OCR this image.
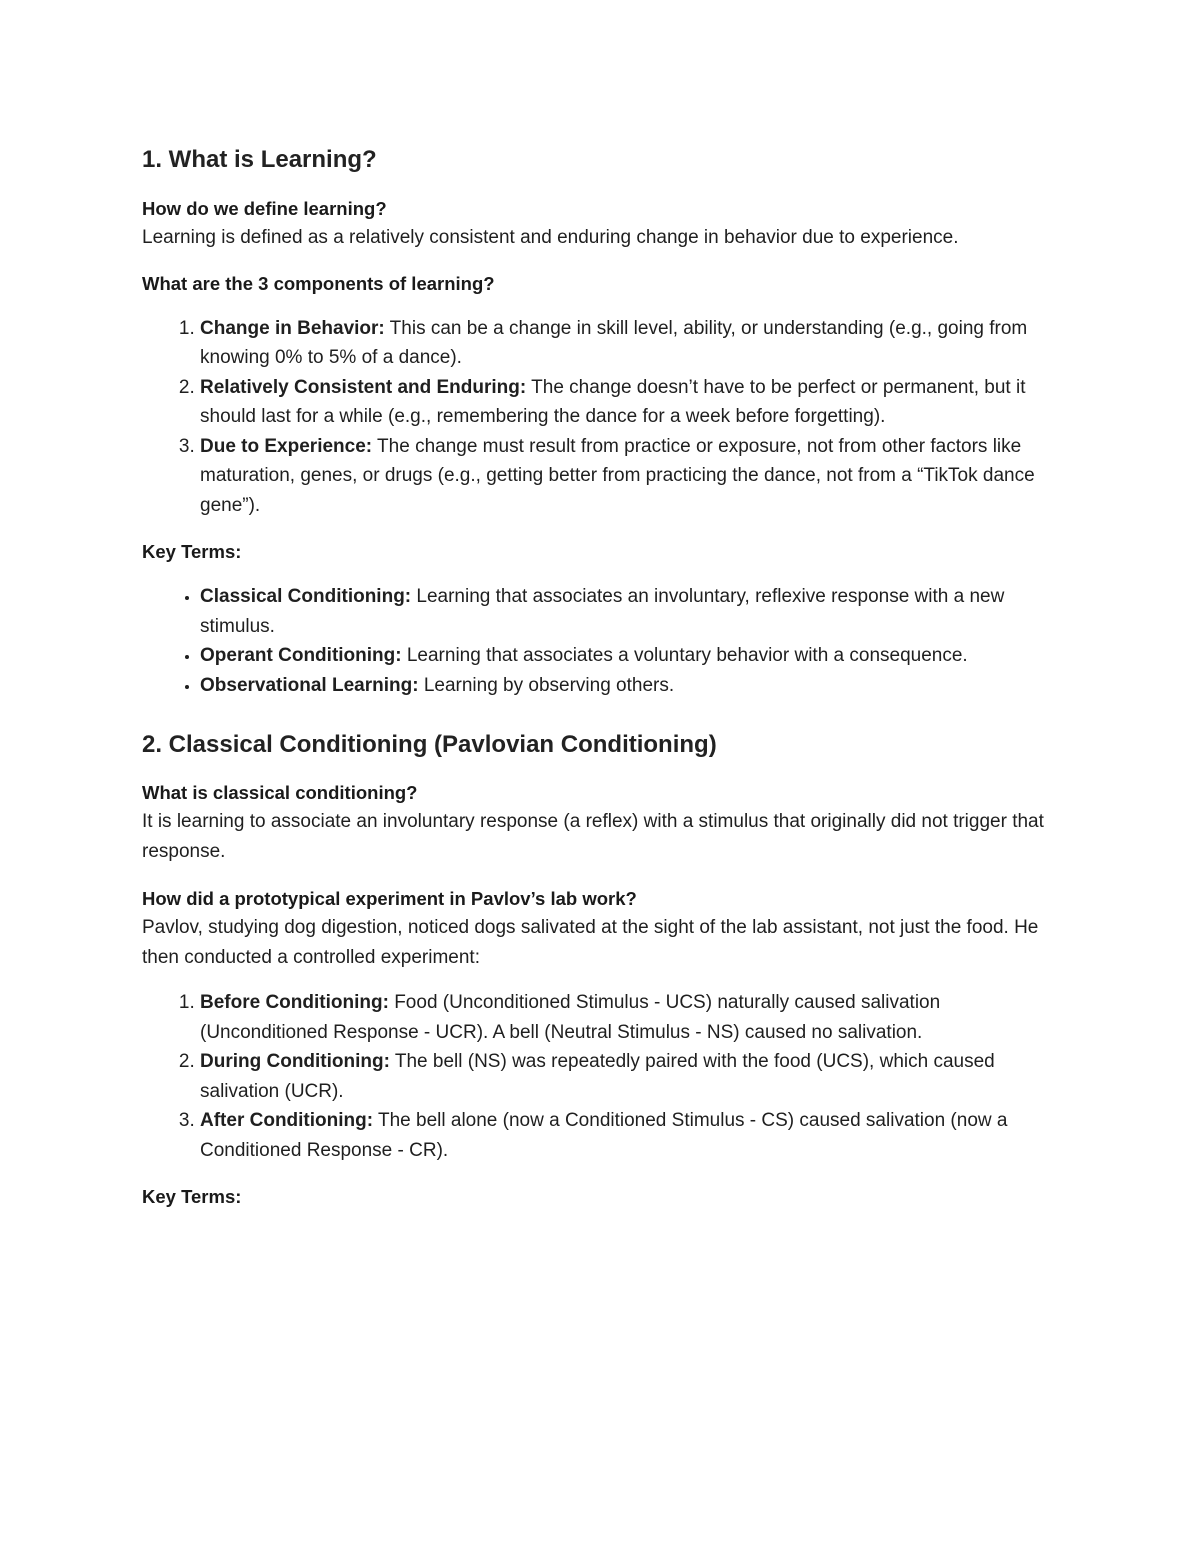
1. What is Learning?
How do we define learning?

Learning is defined as a relatively consistent and enduring change in behavior due to experience.

What are the 3 components of learning?
1. Change in Behavior: This can be a change in skill level, ability, or understanding (e.g., going from knowing 0% to 5% of a dance).
2. Relatively Consistent and Enduring: The change doesn’t have to be perfect or permanent, but it should last for a while (e.g., remembering the dance for a week before forgetting).
3. Due to Experience: The change must result from practice or exposure, not from other factors like maturation, genes, or drugs (e.g., getting better from practicing the dance, not from a “TikTok dance gene”).
Key Terms:
• Classical Conditioning: Learning that associates an involuntary, reflexive response with a new stimulus.
• Operant Conditioning: Learning that associates a voluntary behavior with a consequence.
• Observational Learning: Learning by observing others.
2. Classical Conditioning (Pavlovian Conditioning)
What is classical conditioning?

It is learning to associate an involuntary response (a reflex) with a stimulus that originally did not trigger that response.

How did a prototypical experiment in Pavlov’s lab work?

Pavlov, studying dog digestion, noticed dogs salivated at the sight of the lab assistant, not just the food. He then conducted a controlled experiment:

1. Before Conditioning: Food (Unconditioned Stimulus - UCS) naturally caused salivation (Unconditioned Response - UCR). A bell (Neutral Stimulus - NS) caused no salivation.
2. During Conditioning: The bell (NS) was repeatedly paired with the food (UCS), which caused salivation (UCR).
3. After Conditioning: The bell alone (now a Conditioned Stimulus - CS) caused salivation (now a Conditioned Response - CR).
Key Terms:
